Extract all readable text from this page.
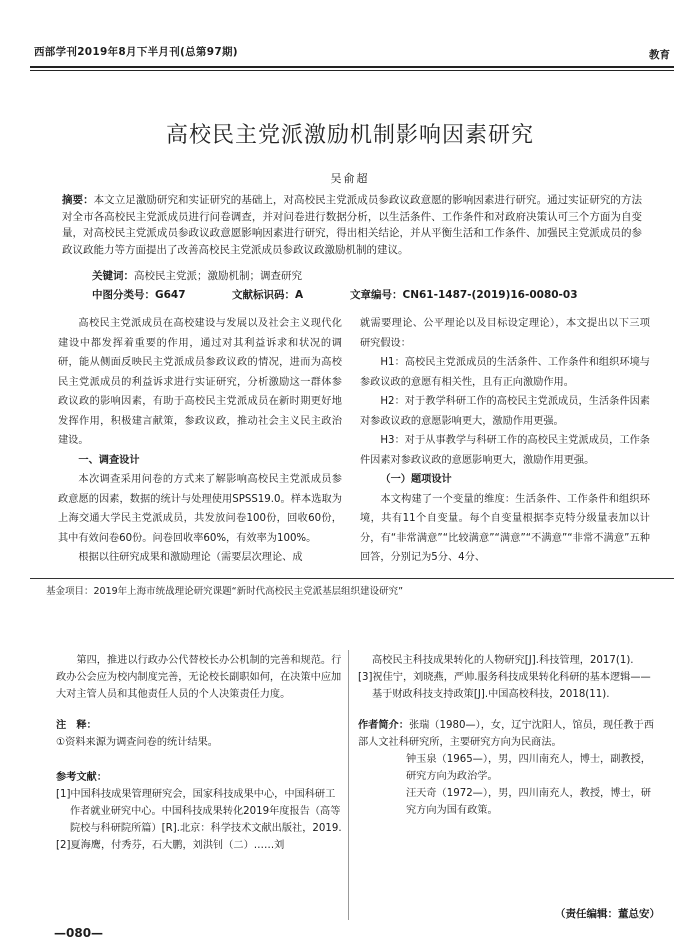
西部学刊2019年8月下半月刊(总第97期)	教育
高校民主党派激励机制影响因素研究
吴俞超
摘要：本文立足激励研究和实证研究的基础上，对高校民主党派成员参政议政意愿的影响因素进行研究。通过实证研究的方法对全市各高校民主党派成员进行问卷调查，并对问卷进行数据分析，以生活条件、工作条件和对政府决策认可三个方面为自变量，对高校民主党派成员参政议政意愿影响因素进行研究，得出相关结论，并从平衡生活和工作条件、加强民主党派成员的参政议政能力等方面提出了改善高校民主党派成员参政议政激励机制的建议。
关键词：高校民主党派；激励机制；调查研究
中图分类号：G647	文献标识码：A	文章编号：CN61-1487-(2019)16-0080-03

高校民主党派成员在高校建设与发展以及社会主义现代化建设中都发挥着重要的作用，通过对其利益诉求和状况的调研，能从侧面反映民主党派成员参政议政的情况，进而为高校民主党派成员的利益诉求进行实证研究，分析激励这一群体参政议政的影响因素，有助于高校民主党派成员在新时期更好地发挥作用，积极建言献策，参政议政，推动社会主义民主政治建设。

一、调查设计

本次调查采用问卷的方式来了解影响高校民主党派成员参政意愿的因素，数据的统计与处理使用SPSS19.0。样本选取为上海交通大学民主党派成员，共发放问卷100份，回收60份，其中有效问卷60份。问卷回收率60%，有效率为100%。

根据以往研究成果和激励理论（需要层次理论、成

就需要理论、公平理论以及目标设定理论），本文提出以下三项研究假设：

H1：高校民主党派成员的生活条件、工作条件和组织环境与参政议政的意愿有相关性，且有正向激励作用。

H2：对于教学科研工作的高校民主党派成员，生活条件因素对参政议政的意愿影响更大，激励作用更强。

H3：对于从事教学与科研工作的高校民主党派成员，工作条件因素对参政议政的意愿影响更大，激励作用更强。

（一）题项设计

本文构建了一个变量的维度：生活条件、工作条件和组织环境，共有11个自变量。每个自变量根据李克特分级量表加以计分，有“非常满意”“比较满意”“满意”“不满意”“非常不满意”五种回答，分别记为5分、4分、

基金项目：2019年上海市统战理论研究课题“新时代高校民主党派基层组织建设研究”
第四，推进以行政办公代替校长办公机制的完善和规范。行政办公会应为校内制度完善，无论校长副职如何，在决策中应加大对主管人员和其他责任人员的个人决策责任力度。
注　释：
①资料来源为调查问卷的统计结果。
参考文献：
[1]中国科技成果管理研究会，国家科技成果中心，中国科研工作者就业研究中心。中国科技成果转化2019年度报告（高等院校与科研院所篇）[R].北京：科学技术文献出版社，2019.
[2]夏海鹰，付秀芬，石大鹏，刘洪钊（二）……刘
高校民主科技成果转化的人物研究[J].科技管理，2017(1).
[3]祝佳宁，刘晓燕，严帅.服务科技成果转化科研的基本逻辑——基于财政科技支持政策[J].中国高校科技，2018(11).

作者简介：张瑞（1980—），女，辽宁沈阳人，馆员，现任教于西部人文社科研究所，主要研究方向为民商法。

钟玉泉（1965—），男，四川南充人，博士，副教授，研究方向为政治学。

汪天奇（1972—），男，四川南充人，教授，博士，研究方向为国有政策。

（责任编辑：董总安）
—080—
